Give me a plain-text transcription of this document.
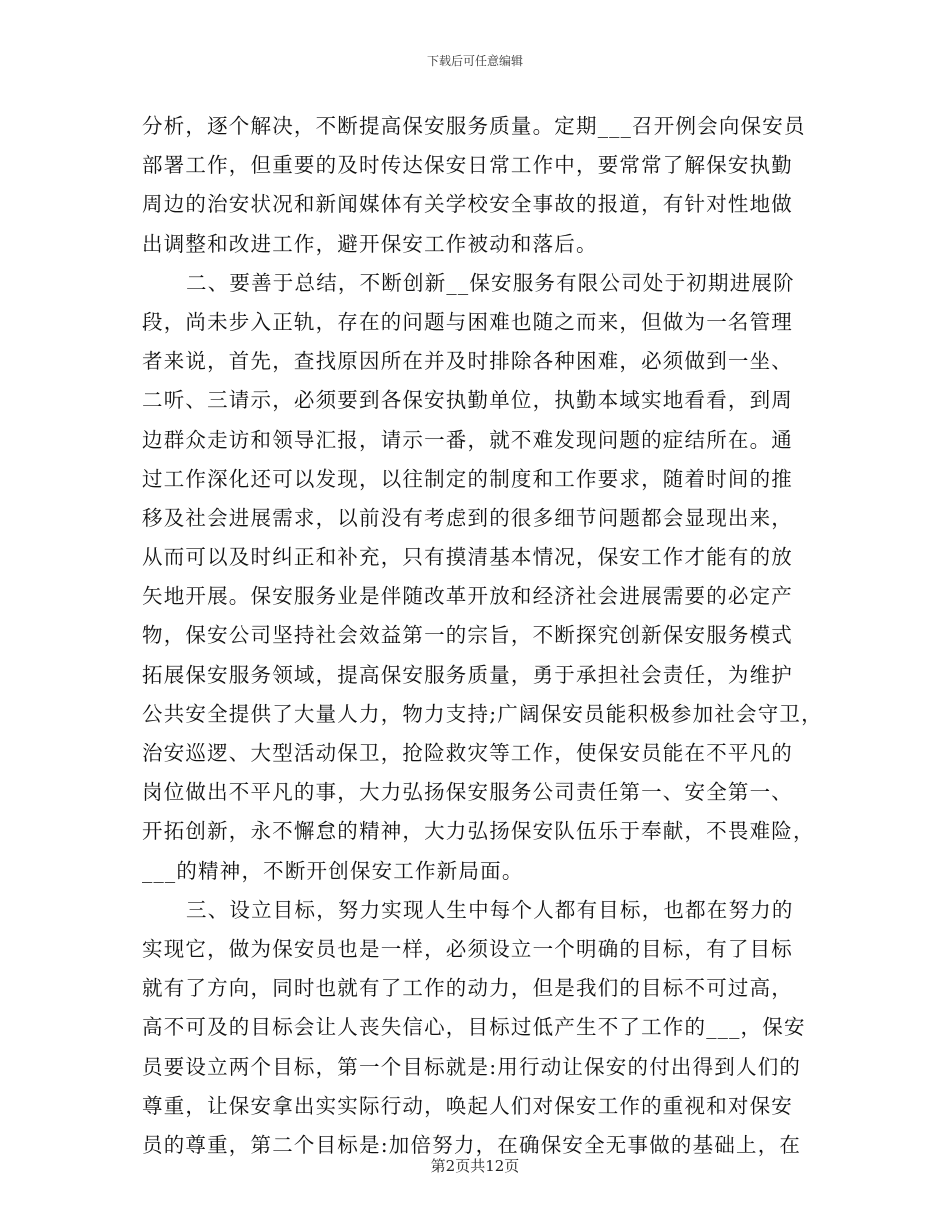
下载后可任意编辑
分析，逐个解决，不断提高保安服务质量。定期___召开例会向保安员
部署工作，但重要的及时传达保安日常工作中，要常常了解保安执勤
周边的治安状况和新闻媒体有关学校安全事故的报道，有针对性地做
出调整和改进工作，避开保安工作被动和落后。
二、要善于总结，不断创新__保安服务有限公司处于初期进展阶
段，尚未步入正轨，存在的问题与困难也随之而来，但做为一名管理
者来说，首先，查找原因所在并及时排除各种困难，必须做到一坐、
二听、三请示，必须要到各保安执勤单位，执勤本域实地看看，到周
边群众走访和领导汇报，请示一番，就不难发现问题的症结所在。通
过工作深化还可以发现，以往制定的制度和工作要求，随着时间的推
移及社会进展需求，以前没有考虑到的很多细节问题都会显现出来，
从而可以及时纠正和补充，只有摸清基本情况，保安工作才能有的放
矢地开展。保安服务业是伴随改革开放和经济社会进展需要的必定产
物，保安公司坚持社会效益第一的宗旨，不断探究创新保安服务模式
拓展保安服务领域，提高保安服务质量，勇于承担社会责任，为维护
公共安全提供了大量人力，物力支持;广阔保安员能积极参加社会守卫，
治安巡逻、大型活动保卫，抢险救灾等工作，使保安员能在不平凡的
岗位做出不平凡的事，大力弘扬保安服务公司责任第一、安全第一、
开拓创新，永不懈怠的精神，大力弘扬保安队伍乐于奉献，不畏难险，
___的精神，不断开创保安工作新局面。
三、设立目标，努力实现人生中每个人都有目标，也都在努力的
实现它，做为保安员也是一样，必须设立一个明确的目标，有了目标
就有了方向，同时也就有了工作的动力，但是我们的目标不可过高，
高不可及的目标会让人丧失信心，目标过低产生不了工作的___，保安
员要设立两个目标，第一个目标就是:用行动让保安的付出得到人们的
尊重，让保安拿出实实际行动，唤起人们对保安工作的重视和对保安
员的尊重，第二个目标是:加倍努力，在确保安全无事做的基础上，在
第2页共12页
